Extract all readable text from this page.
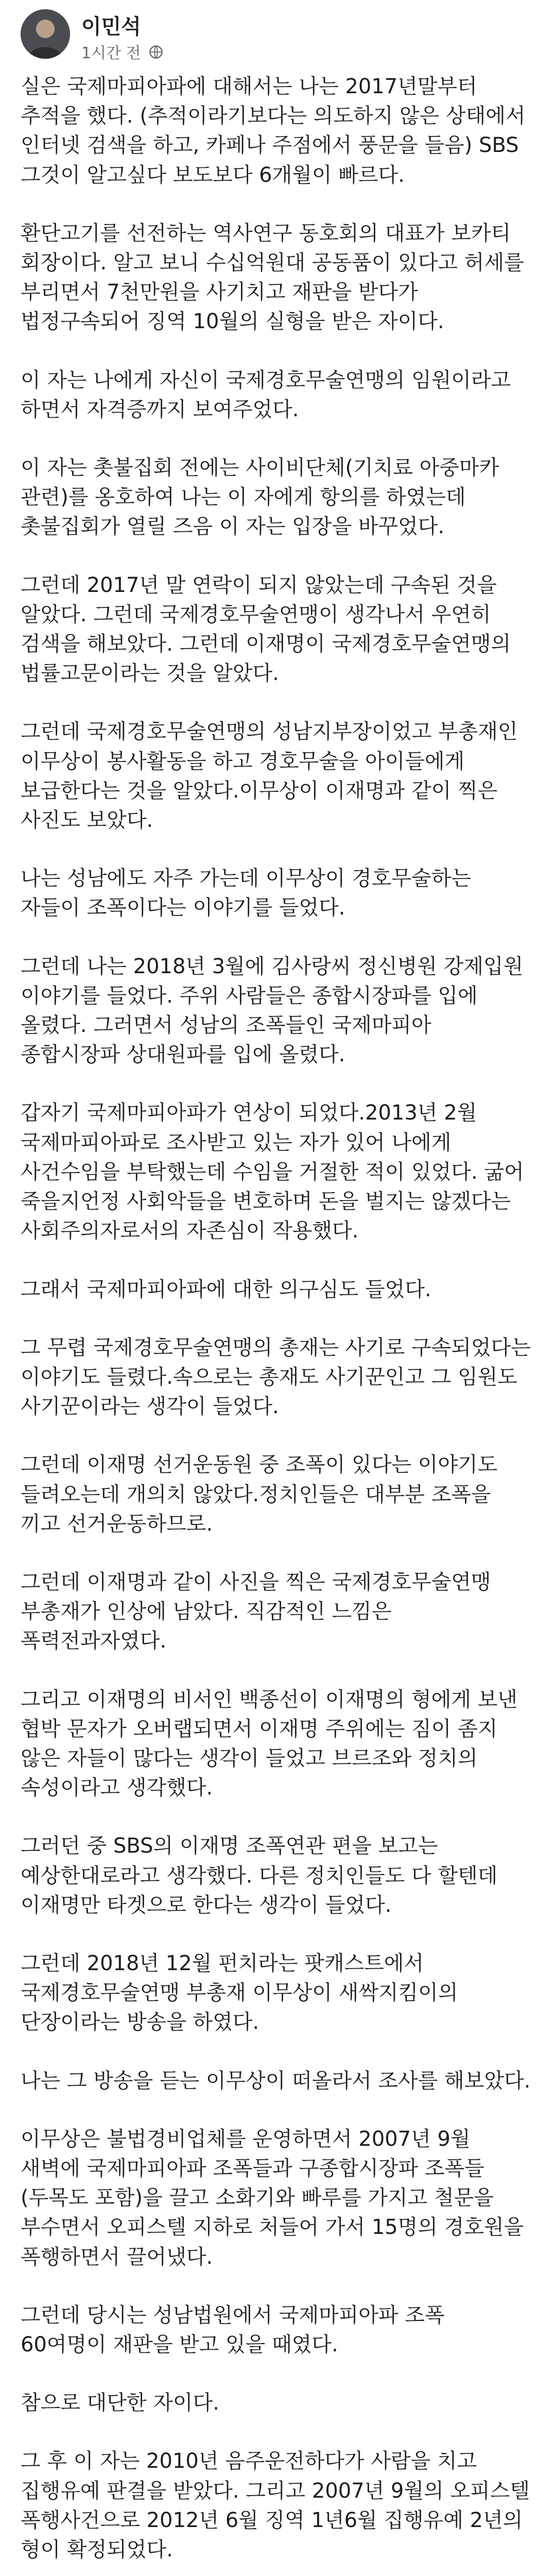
이민석
1시간 전

실은 국제마피아파에 대해서는 나는 2017년말부터 추적을 했다. (추적이라기보다는 의도하지 않은 상태에서 인터넷 검색을 하고, 카페나 주점에서 풍문을 들음) SBS 그것이 알고싶다 보도보다 6개월이 빠르다.

환단고기를 선전하는 역사연구 동호회의 대표가 보카티 회장이다. 알고 보니 수십억원대 공동품이 있다고 허세를 부리면서 7천만원을 사기치고 재판을 받다가 법정구속되어 징역 10월의 실형을 받은 자이다.

이 자는 나에게 자신이 국제경호무술연맹의 임원이라고 하면서 자격증까지 보여주었다.

이 자는 촛불집회 전에는 사이비단체(기치료 아중마카 관련)를 옹호하여 나는 이 자에게 항의를 하였는데 촛불집회가 열릴 즈음 이 자는 입장을 바꾸었다.

그런데 2017년 말 연락이 되지 않았는데 구속된 것을 알았다. 그런데 국제경호무술연맹이 생각나서 우연히 검색을 해보았다. 그런데 이재명이 국제경호무술연맹의 법률고문이라는 것을 알았다.

그런데 국제경호무술연맹의 성남지부장이었고 부총재인 이무상이 봉사활동을 하고 경호무술을 아이들에게 보급한다는 것을 알았다.이무상이 이재명과 같이 찍은 사진도 보았다.

나는 성남에도 자주 가는데 이무상이 경호무술하는 자들이 조폭이다는 이야기를 들었다.

그런데 나는 2018년 3월에 김사랑씨 정신병원 강제입원 이야기를 들었다. 주위 사람들은 종합시장파를 입에 올렸다. 그러면서 성남의 조폭들인 국제마피아 종합시장파 상대원파를 입에 올렸다.

갑자기 국제마피아파가 연상이 되었다.2013년 2월 국제마피아파로 조사받고 있는 자가 있어 나에게 사건수임을 부탁했는데 수임을 거절한 적이 있었다. 굶어 죽을지언정 사회악들을 변호하며 돈을 벌지는 않겠다는 사회주의자로서의 자존심이 작용했다.

그래서 국제마피아파에 대한 의구심도 들었다.

그 무렵 국제경호무술연맹의 총재는 사기로 구속되었다는 이야기도 들렸다.속으로는 총재도 사기꾼인고 그 임원도 사기꾼이라는 생각이 들었다.

그런데 이재명 선거운동원 중 조폭이 있다는 이야기도 들려오는데 개의치 않았다.정치인들은 대부분 조폭을 끼고 선거운동하므로.

그런데 이재명과 같이 사진을 찍은 국제경호무술연맹 부총재가 인상에 남았다. 직감적인 느낌은 폭력전과자였다.

그리고 이재명의 비서인 백종선이 이재명의 형에게 보낸 협박 문자가 오버랩되면서 이재명 주위에는 짐이 좀지 않은 자들이 많다는 생각이 들었고 브르조와 정치의 속성이라고 생각했다.

그러던 중 SBS의 이재명 조폭연관 편을 보고는 예상한대로라고 생각했다. 다른 정치인들도 다 할텐데 이재명만 타겟으로 한다는 생각이 들었다.

그런데 2018년 12월 펀치라는 팟캐스트에서 국제경호무술연맹 부총재 이무상이 새싹지킴이의 단장이라는 방송을 하였다.

나는 그 방송을 듣는 이무상이 떠올라서 조사를 해보았다.

이무상은 불법경비업체를 운영하면서 2007년 9월 새벽에 국제마피아파 조폭들과 구종합시장파 조폭들(두목도 포함)을 끌고 소화기와 빠루를 가지고 철문을 부수면서 오피스텔 지하로 처들어 가서 15명의 경호원을 폭행하면서 끌어냈다.

그런데 당시는 성남법원에서 국제마피아파 조폭 60여명이 재판을 받고 있을 때였다.

참으로 대단한 자이다.

그 후 이 자는 2010년 음주운전하다가 사람을 치고 집행유예 판결을 받았다. 그리고 2007년 9월의 오피스텔 폭행사건으로 2012년 6월 징역 1년6월 집행유예 2년의 형이 확정되었다.
